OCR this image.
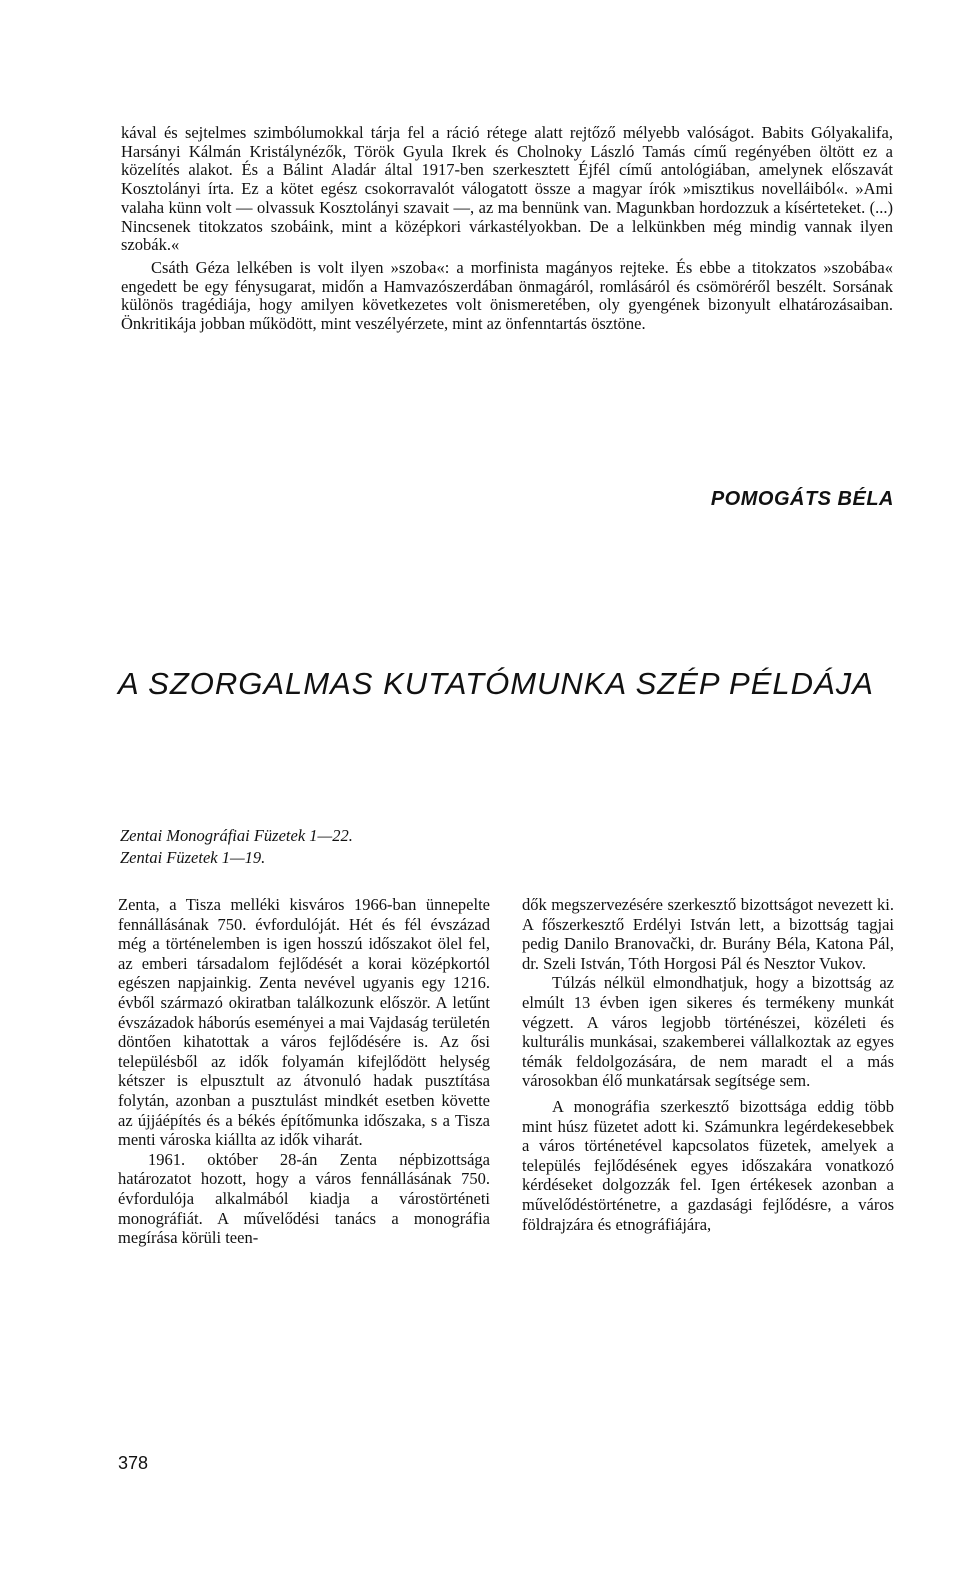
kával és sejtelmes szimbólumokkal tárja fel a ráció rétege alatt rejtőző mélyebb valóságot. Babits Gólyakalifa, Harsányi Kálmán Kristálynézők, Török Gyula Ikrek és Cholnoky László Tamás című regényében öltött ez a közelítés alakot. És a Bálint Aladár által 1917-ben szerkesztett Éjfél című antológiában, amelynek előszavát Kosztolányi írta. Ez a kötet egész csokorravalót válogatott össze a magyar írók »misztikus novelláiból«. »Ami valaha künn volt — olvassuk Kosztolányi szavait —, az ma bennünk van. Magunkban hordozzuk a kísérteteket. (...) Nincsenek titokzatos szobáink, mint a középkori várkastélyokban. De a lelkünkben még mindig vannak ilyen szobák.«

Csáth Géza lelkében is volt ilyen »szoba«: a morfinista magányos rejteke. És ebbe a titokzatos »szobába« engedett be egy fénysugarat, midőn a Hamvazószerdában önmagáról, romlásáról és csömöréről beszélt. Sorsának különös tragédiája, hogy amilyen következetes volt önismeretében, oly gyengének bizonyult elhatározásaiban. Önkritikája jobban működött, mint veszélyérzete, mint az önfenntartás ösztöne.

POMOGÁTS BÉLA
A SZORGALMAS KUTATÓMUNKA SZÉP PÉLDÁJA
Zentai Monográfiai Füzetek 1—22.
Zentai Füzetek 1—19.

Zenta, a Tisza melléki kisváros 1966-ban ünnepelte fennállásának 750. évfordulóját. Hét és fél évszázad még a történelemben is igen hosszú időszakot ölel fel, az emberi társadalom fejlődését a korai középkortól egészen napjainkig. Zenta nevével ugyanis egy 1216. évből származó okiratban találkozunk először. A letűnt évszázadok háborús eseményei a mai Vajdaság területén döntően kihatottak a város fejlődésére is. Az ősi településből az idők folyamán kifejlődött helység kétszer is elpusztult az átvonuló hadak pusztítása folytán, azonban a pusztulást mindkét esetben követte az újjáépítés és a békés építőmunka időszaka, s a Tisza menti városka kiállta az idők viharát.

1961. október 28-án Zenta népbizottsága határozatot hozott, hogy a város fennállásának 750. évfordulója alkalmából kiadja a várostörténeti monográfiát. A művelődési tanács a monográfia megírása körüli teen-

dők megszervezésére szerkesztő bizottságot nevezett ki. A főszerkesztő Erdélyi István lett, a bizottság tagjai pedig Danilo Branovački, dr. Burány Béla, Katona Pál, dr. Szeli István, Tóth Horgosi Pál és Nesztor Vukov.

Túlzás nélkül elmondhatjuk, hogy a bizottság az elmúlt 13 évben igen sikeres és termékeny munkát végzett. A város legjobb történészei, közéleti és kulturális munkásai, szakemberei vállalkoztak az egyes témák feldolgozására, de nem maradt el a más városokban élő munkatársak segítsége sem.

A monográfia szerkesztő bizottsága eddig több mint húsz füzetet adott ki. Számunkra legérdekesebbek a város történetével kapcsolatos füzetek, amelyek a település fejlődésének egyes időszakára vonatkozó kérdéseket dolgozzák fel. Igen értékesek azonban a művelődéstörténetre, a gazdasági fejlődésre, a város földrajzára és etnográfiájára,

378
